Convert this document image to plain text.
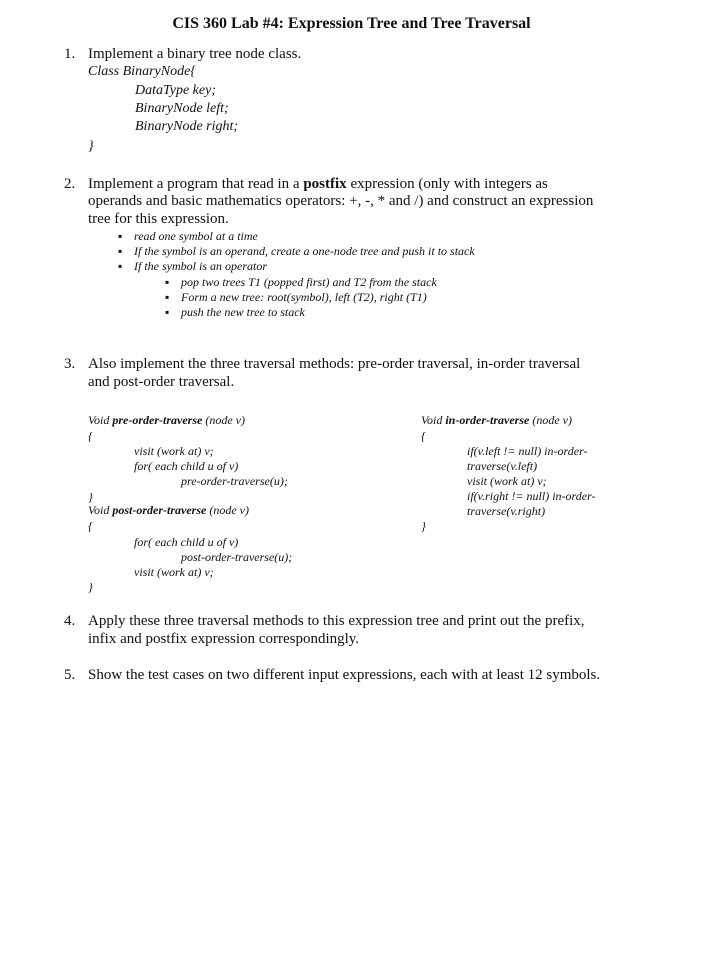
CIS 360 Lab #4: Expression Tree and Tree Traversal
1. Implement a binary tree node class.
Class BinaryNode{
DataType key;
BinaryNode left;
BinaryNode right;
}
2. Implement a program that read in a postfix expression (only with integers as
operands and basic mathematics operators: +, -, * and /) and construct an expression
tree for this expression.
▪ read one symbol at a time
▪ If the symbol is an operand, create a one-node tree and push it to stack
▪ If the symbol is an operator
▪ pop two trees T1 (popped first) and T2 from the stack
▪ Form a new tree: root(symbol), left (T2), right (T1)
▪ push the new tree to stack
3. Also implement the three traversal methods: pre-order traversal, in-order traversal
and post-order traversal.
Void pre-order-traverse (node v)
{
visit (work at) v;
for( each child u of v)
pre-order-traverse(u);
}
Void post-order-traverse (node v)
{
for( each child u of v)
post-order-traverse(u);
visit (work at) v;
}
Void in-order-traverse (node v)
{
if(v.left != null) in-order-
traverse(v.left)
visit (work at) v;
if(v.right != null) in-order-
traverse(v.right)
}
4. Apply these three traversal methods to this expression tree and print out the prefix,
infix and postfix expression correspondingly.
5. Show the test cases on two different input expressions, each with at least 12 symbols.
